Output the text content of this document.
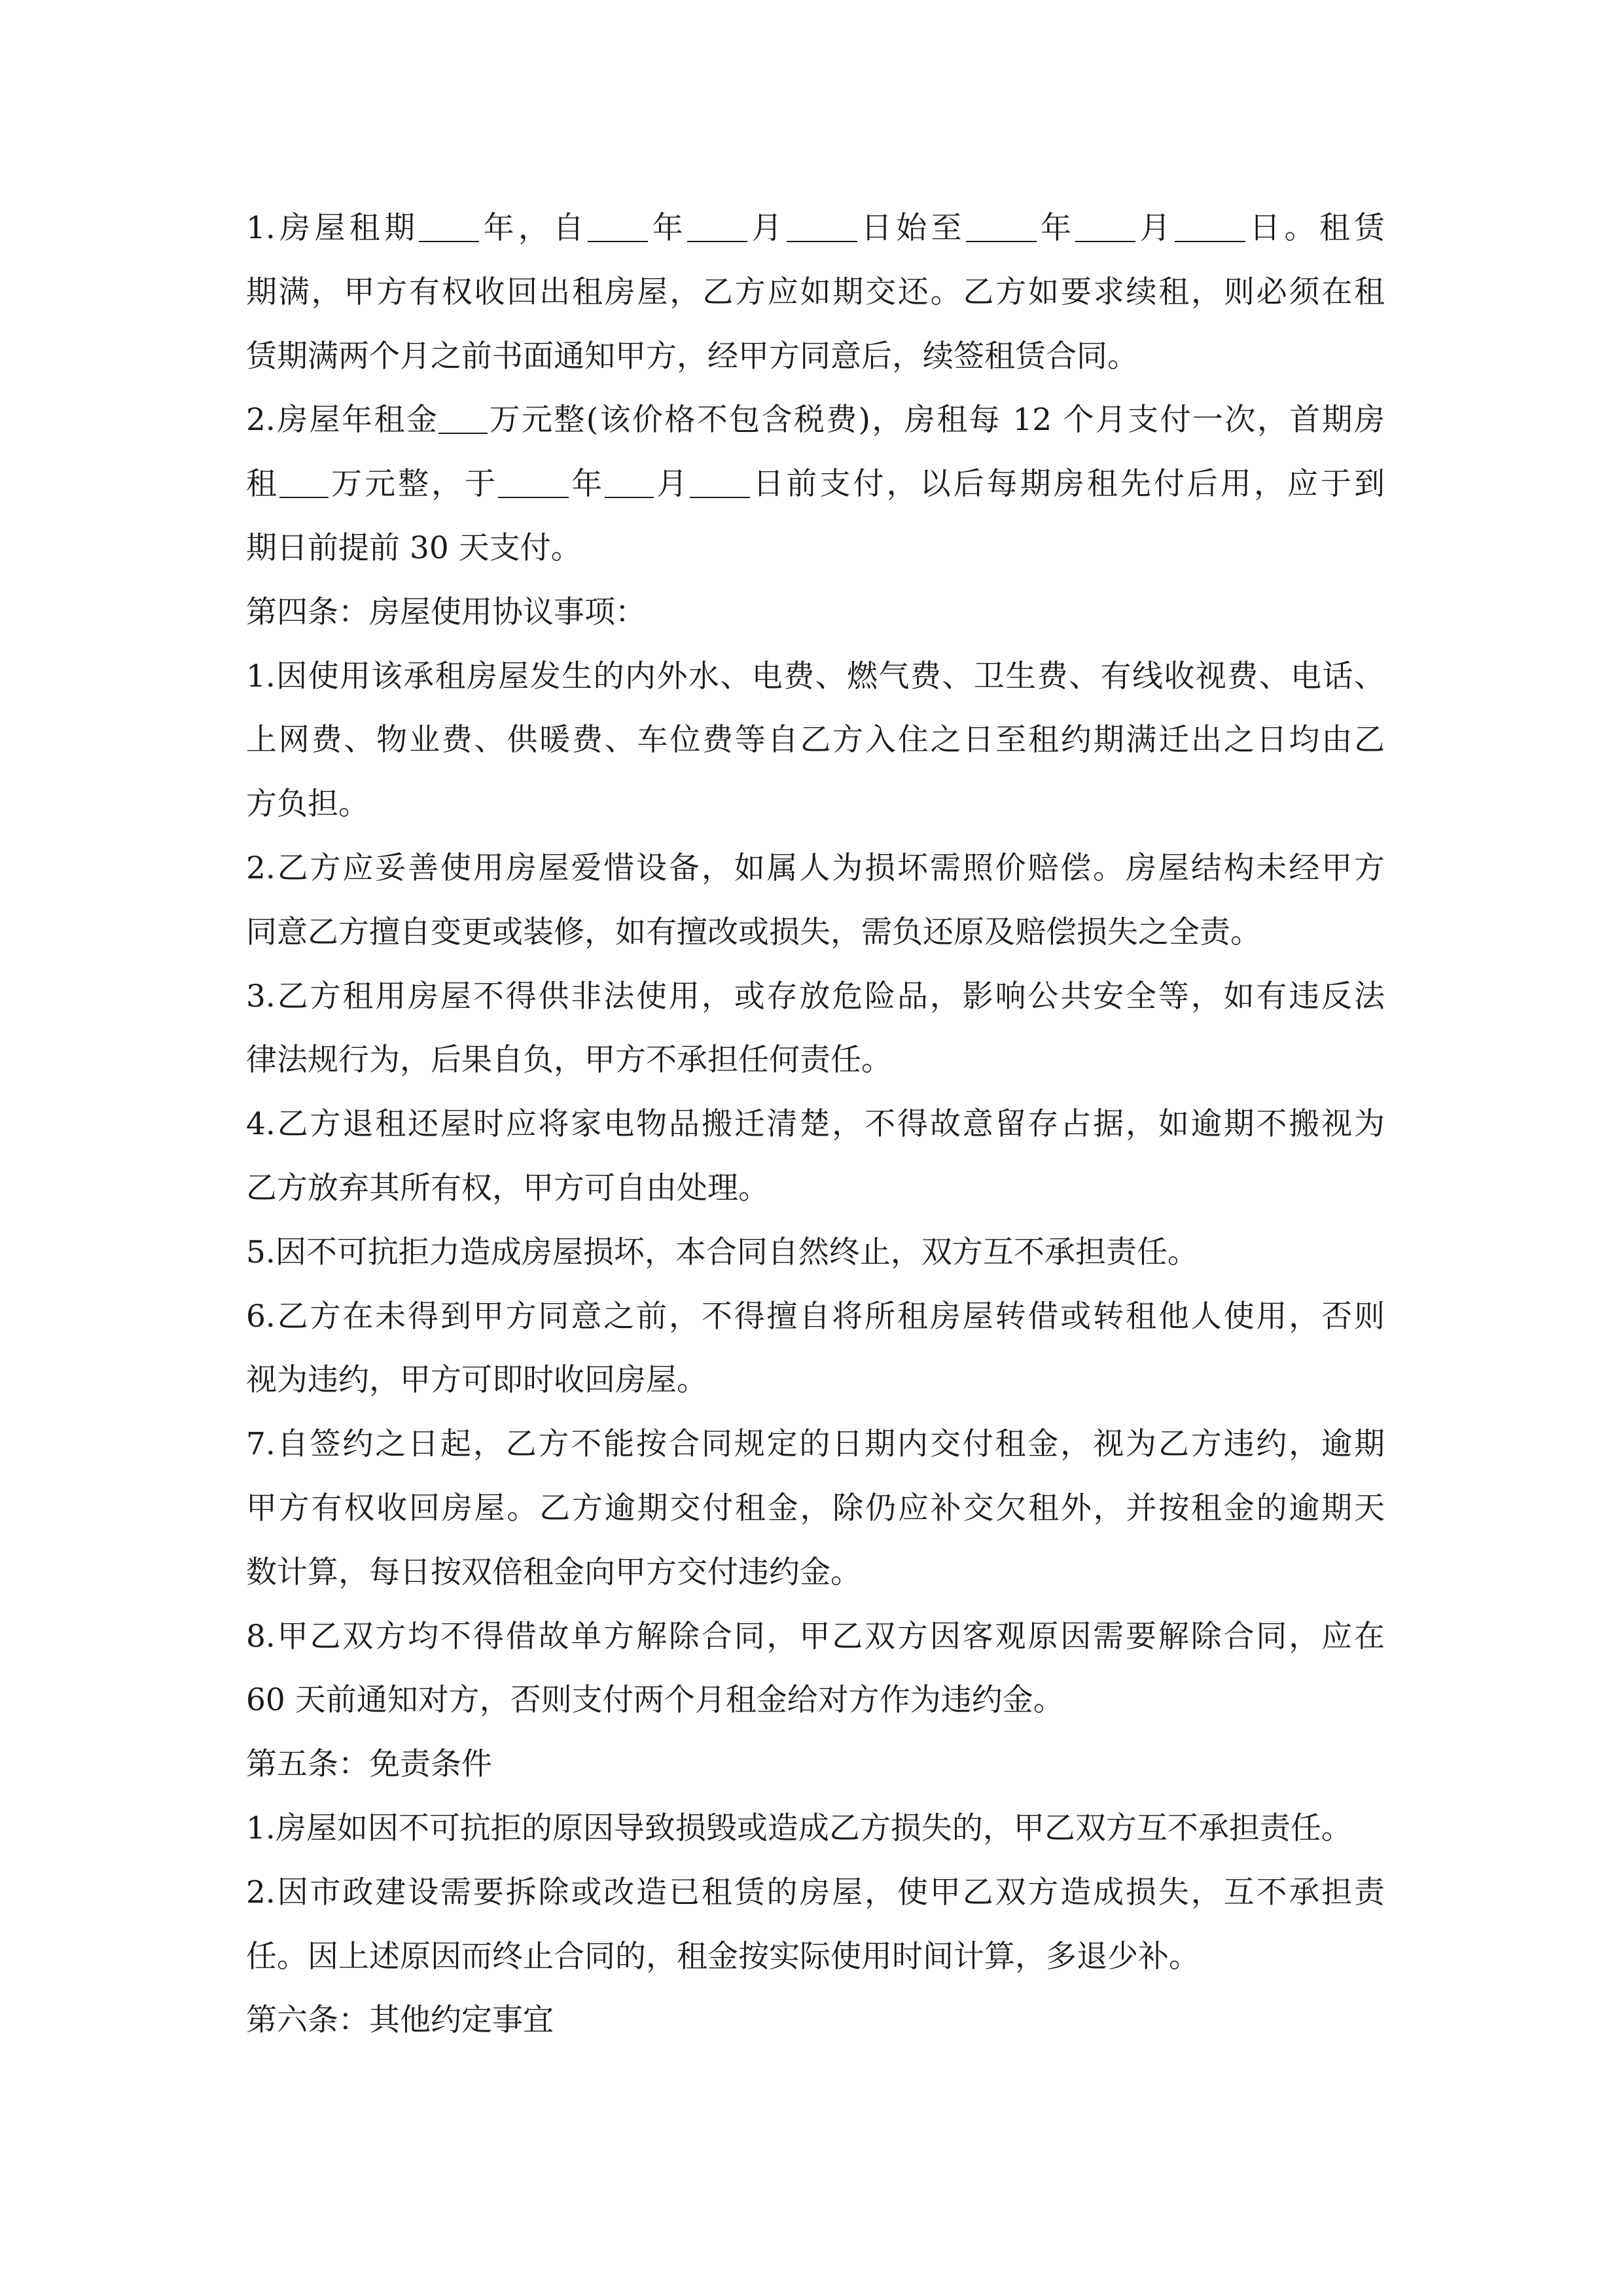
1.房屋租期 年，自 年 月 日始至 年 月 日。租赁
期满，甲方有权收回出租房屋，乙方应如期交还。乙方如要求续租，则必须在租
赁期满两个月之前书面通知甲方，经甲方同意后，续签租赁合同。
2.房屋年租金 万元整(该价格不包含税费)，房租每 12 个月支付一次，首期房
租 万元整，于 年 月 日前支付，以后每期房租先付后用，应于到
期日前提前 30 天支付。
第四条：房屋使用协议事项：
1.因使用该承租房屋发生的内外水、电费、燃气费、卫生费、有线收视费、电话、
上网费、物业费、供暖费、车位费等自乙方入住之日至租约期满迁出之日均由乙
方负担。
2.乙方应妥善使用房屋爱惜设备，如属人为损坏需照价赔偿。房屋结构未经甲方
同意乙方擅自变更或装修，如有擅改或损失，需负还原及赔偿损失之全责。
3.乙方租用房屋不得供非法使用，或存放危险品，影响公共安全等，如有违反法
律法规行为，后果自负，甲方不承担任何责任。
4.乙方退租还屋时应将家电物品搬迁清楚，不得故意留存占据，如逾期不搬视为
乙方放弃其所有权，甲方可自由处理。
5.因不可抗拒力造成房屋损坏，本合同自然终止，双方互不承担责任。
6.乙方在未得到甲方同意之前，不得擅自将所租房屋转借或转租他人使用，否则
视为违约，甲方可即时收回房屋。
7.自签约之日起，乙方不能按合同规定的日期内交付租金，视为乙方违约，逾期
甲方有权收回房屋。乙方逾期交付租金，除仍应补交欠租外，并按租金的逾期天
数计算，每日按双倍租金向甲方交付违约金。
8.甲乙双方均不得借故单方解除合同，甲乙双方因客观原因需要解除合同，应在
60 天前通知对方，否则支付两个月租金给对方作为违约金。
第五条：免责条件
1.房屋如因不可抗拒的原因导致损毁或造成乙方损失的，甲乙双方互不承担责任。
2.因市政建设需要拆除或改造已租赁的房屋，使甲乙双方造成损失，互不承担责
任。因上述原因而终止合同的，租金按实际使用时间计算，多退少补。
第六条：其他约定事宜
